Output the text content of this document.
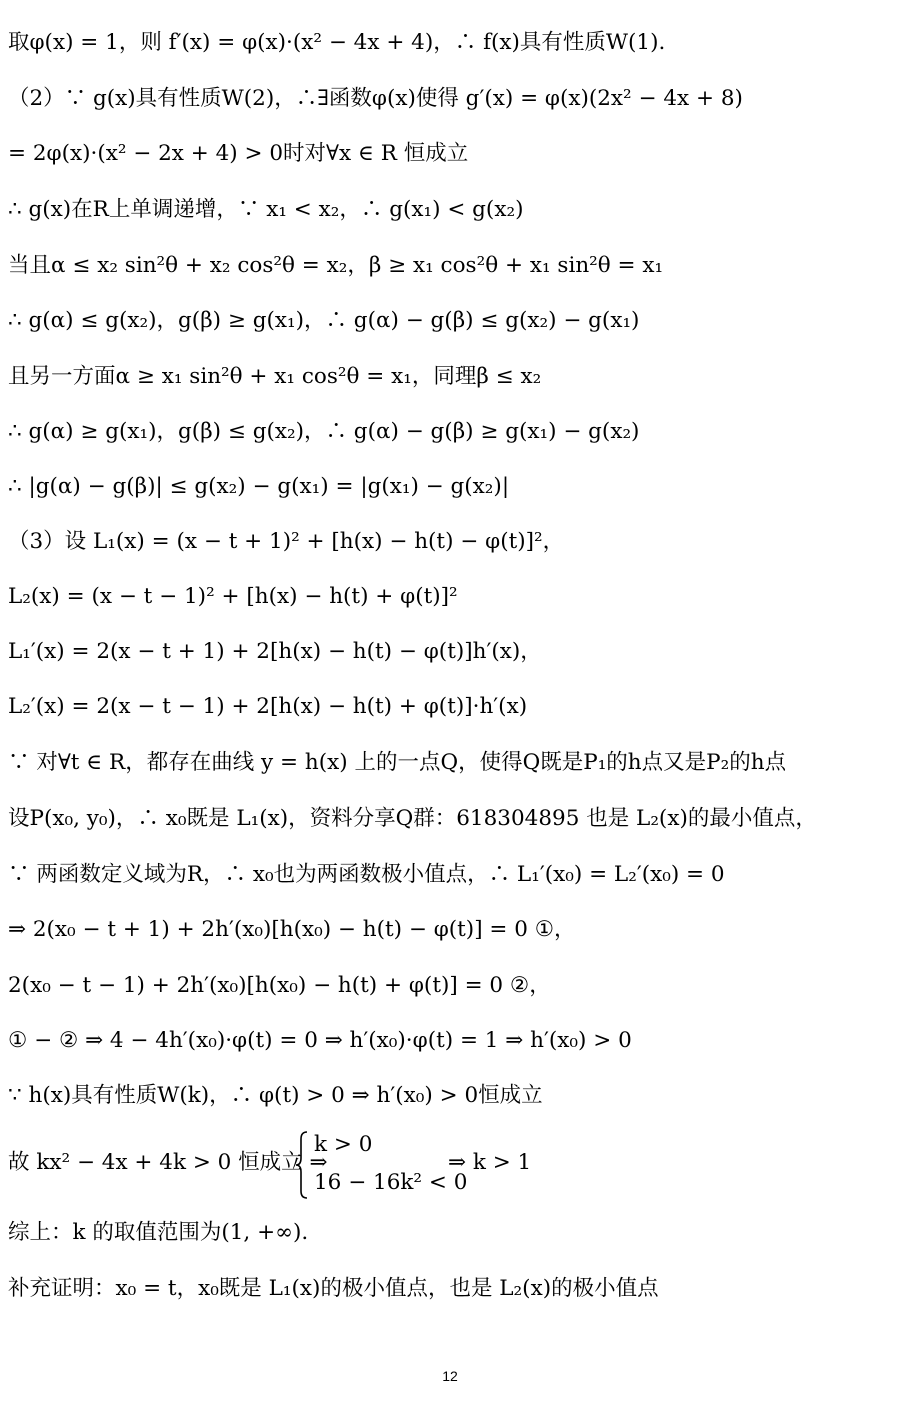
取φ(x) = 1，则 f′(x) = φ(x)·(x² − 4x + 4)，∴ f(x)具有性质W(1).
（2）∵ g(x)具有性质W(2)，∴∃函数φ(x)使得 g′(x) = φ(x)(2x² − 4x + 8)
= 2φ(x)·(x² − 2x + 4) > 0时对∀x ∈ R 恒成立
∴ g(x)在R上单调递增，∵ x₁ < x₂，∴ g(x₁) < g(x₂)
当且α ≤ x₂ sin²θ + x₂ cos²θ = x₂，β ≥ x₁ cos²θ + x₁ sin²θ = x₁
∴ g(α) ≤ g(x₂)，g(β) ≥ g(x₁)，∴ g(α) − g(β) ≤ g(x₂) − g(x₁)
且另一方面α ≥ x₁ sin²θ + x₁ cos²θ = x₁，同理β ≤ x₂
∴ g(α) ≥ g(x₁)，g(β) ≤ g(x₂)，∴ g(α) − g(β) ≥ g(x₁) − g(x₂)
∴ |g(α) − g(β)| ≤ g(x₂) − g(x₁) = |g(x₁) − g(x₂)|
（3）设 L₁(x) = (x − t + 1)² + [h(x) − h(t) − φ(t)]²，
L₂(x) = (x − t − 1)² + [h(x) − h(t) + φ(t)]²
L₁′(x) = 2(x − t + 1) + 2[h(x) − h(t) − φ(t)]h′(x)，
L₂′(x) = 2(x − t − 1) + 2[h(x) − h(t) + φ(t)]·h′(x)
∵ 对∀t ∈ R，都存在曲线 y = h(x) 上的一点Q，使得Q既是P₁的h点又是P₂的h点
设P(x₀, y₀)，∴ x₀既是 L₁(x)，资料分享Q群：618304895 也是 L₂(x)的最小值点，
∵ 两函数定义域为R，∴ x₀也为两函数极小值点，∴ L₁′(x₀) = L₂′(x₀) = 0
⇒ 2(x₀ − t + 1) + 2h′(x₀)[h(x₀) − h(t) − φ(t)] = 0 ①，
2(x₀ − t − 1) + 2h′(x₀)[h(x₀) − h(t) + φ(t)] = 0 ②，
① − ② ⇒ 4 − 4h′(x₀)·φ(t) = 0 ⇒ h′(x₀)·φ(t) = 1 ⇒ h′(x₀) > 0
∵ h(x)具有性质W(k)，∴ φ(t) > 0 ⇒ h′(x₀) > 0恒成立
故 kx² − 4x + 4k > 0 恒成立 ⇒
k > 0
16 − 16k² < 0
⇒ k > 1
综上：k 的取值范围为(1, +∞).
补充证明：x₀ = t，x₀既是 L₁(x)的极小值点，也是 L₂(x)的极小值点
12
